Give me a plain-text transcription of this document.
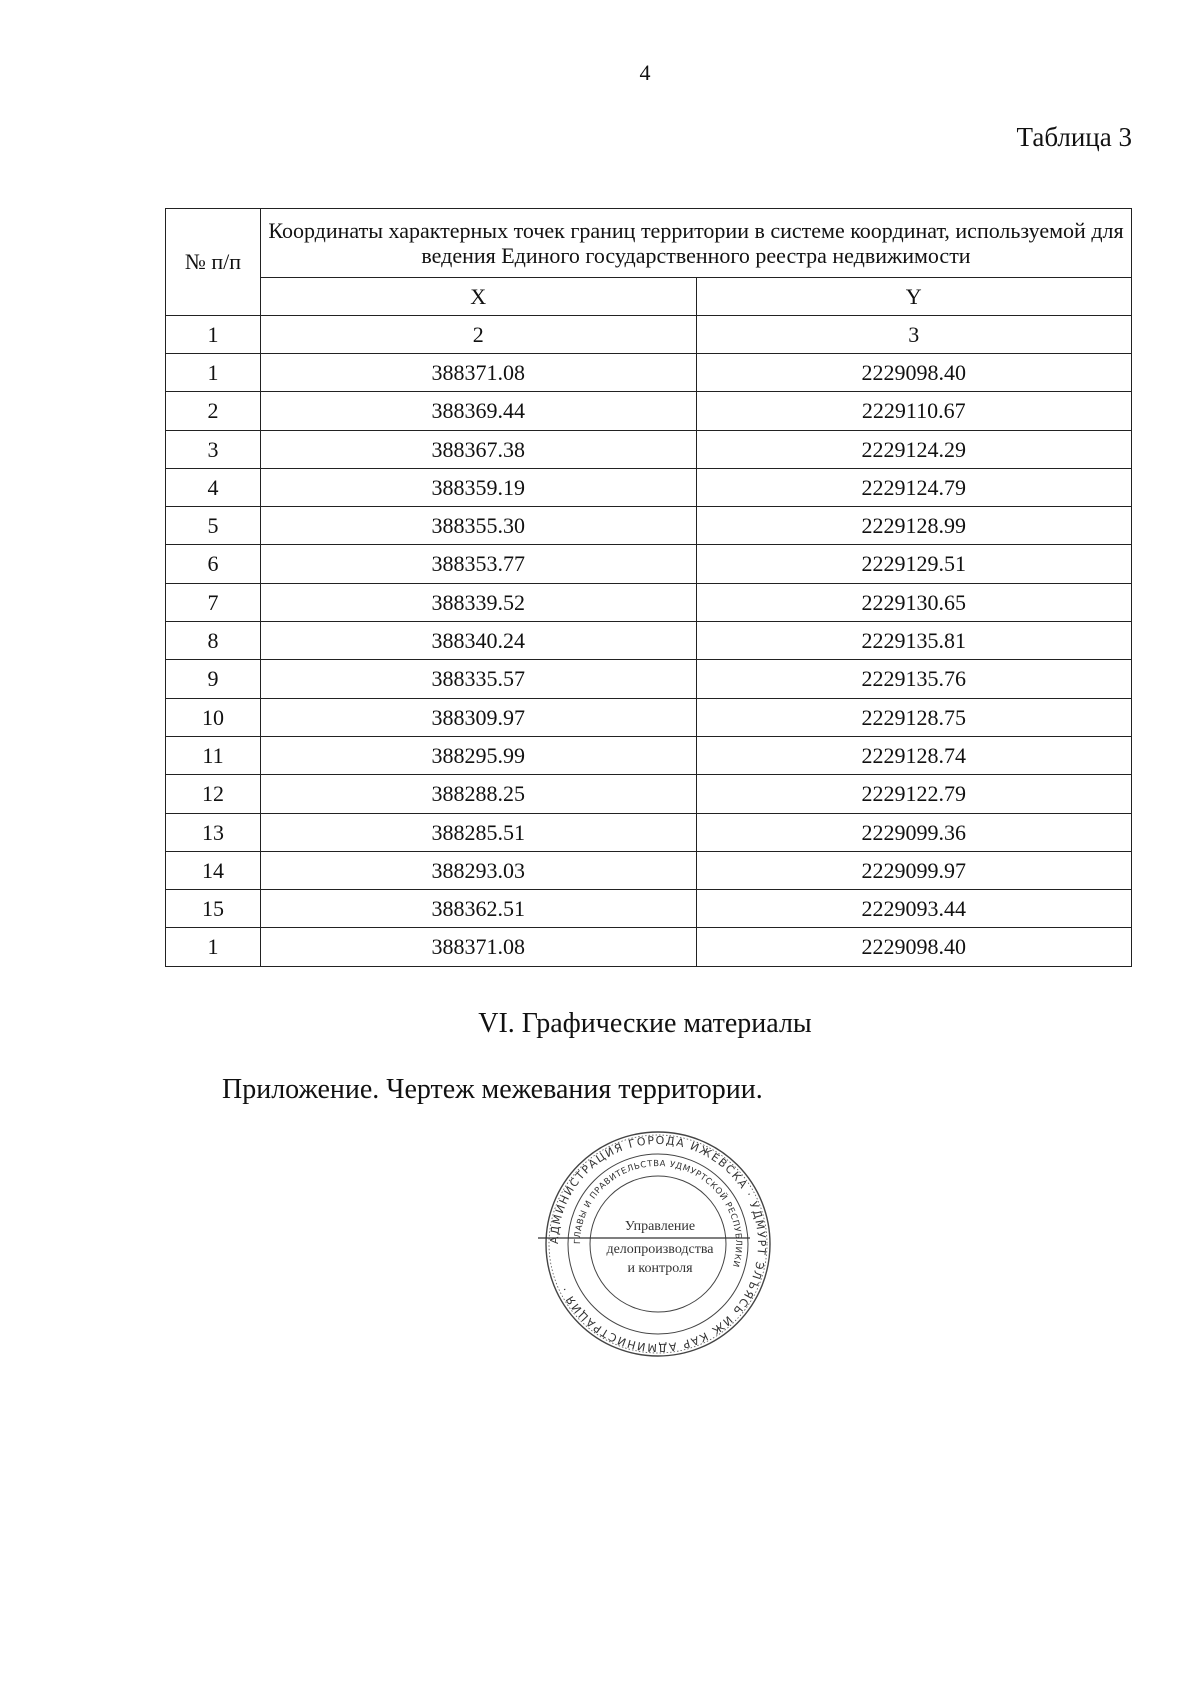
4
Таблица 3
№ п/п	Координаты характерных точек границ территории в системе координат, используемой для ведения Единого государственного реестра недвижимости	
	X	Y
1	2	3
1	388371.08	2229098.40
2	388369.44	2229110.67
3	388367.38	2229124.29
4	388359.19	2229124.79
5	388355.30	2229128.99
6	388353.77	2229129.51
7	388339.52	2229130.65
8	388340.24	2229135.81
9	388335.57	2229135.76
10	388309.97	2229128.75
11	388295.99	2229128.74
12	388288.25	2229122.79
13	388285.51	2229099.36
14	388293.03	2229099.97
15	388362.51	2229093.44
1	388371.08	2229098.40
VI. Графические материалы
Приложение. Чертеж межевания территории.
АДМИНИСТРАЦИЯ ГОРОДА ИЖЕВСКА · УДМУРТ ЭЛЪЯСЬ ИЖ КАР АДМИНИСТРАЦИЯ ·
ГЛАВЫ И ПРАВИТЕЛЬСТВА УДМУРТСКОЙ РЕСПУБЛИКИ
Управление
делопроизводства
и контроля
